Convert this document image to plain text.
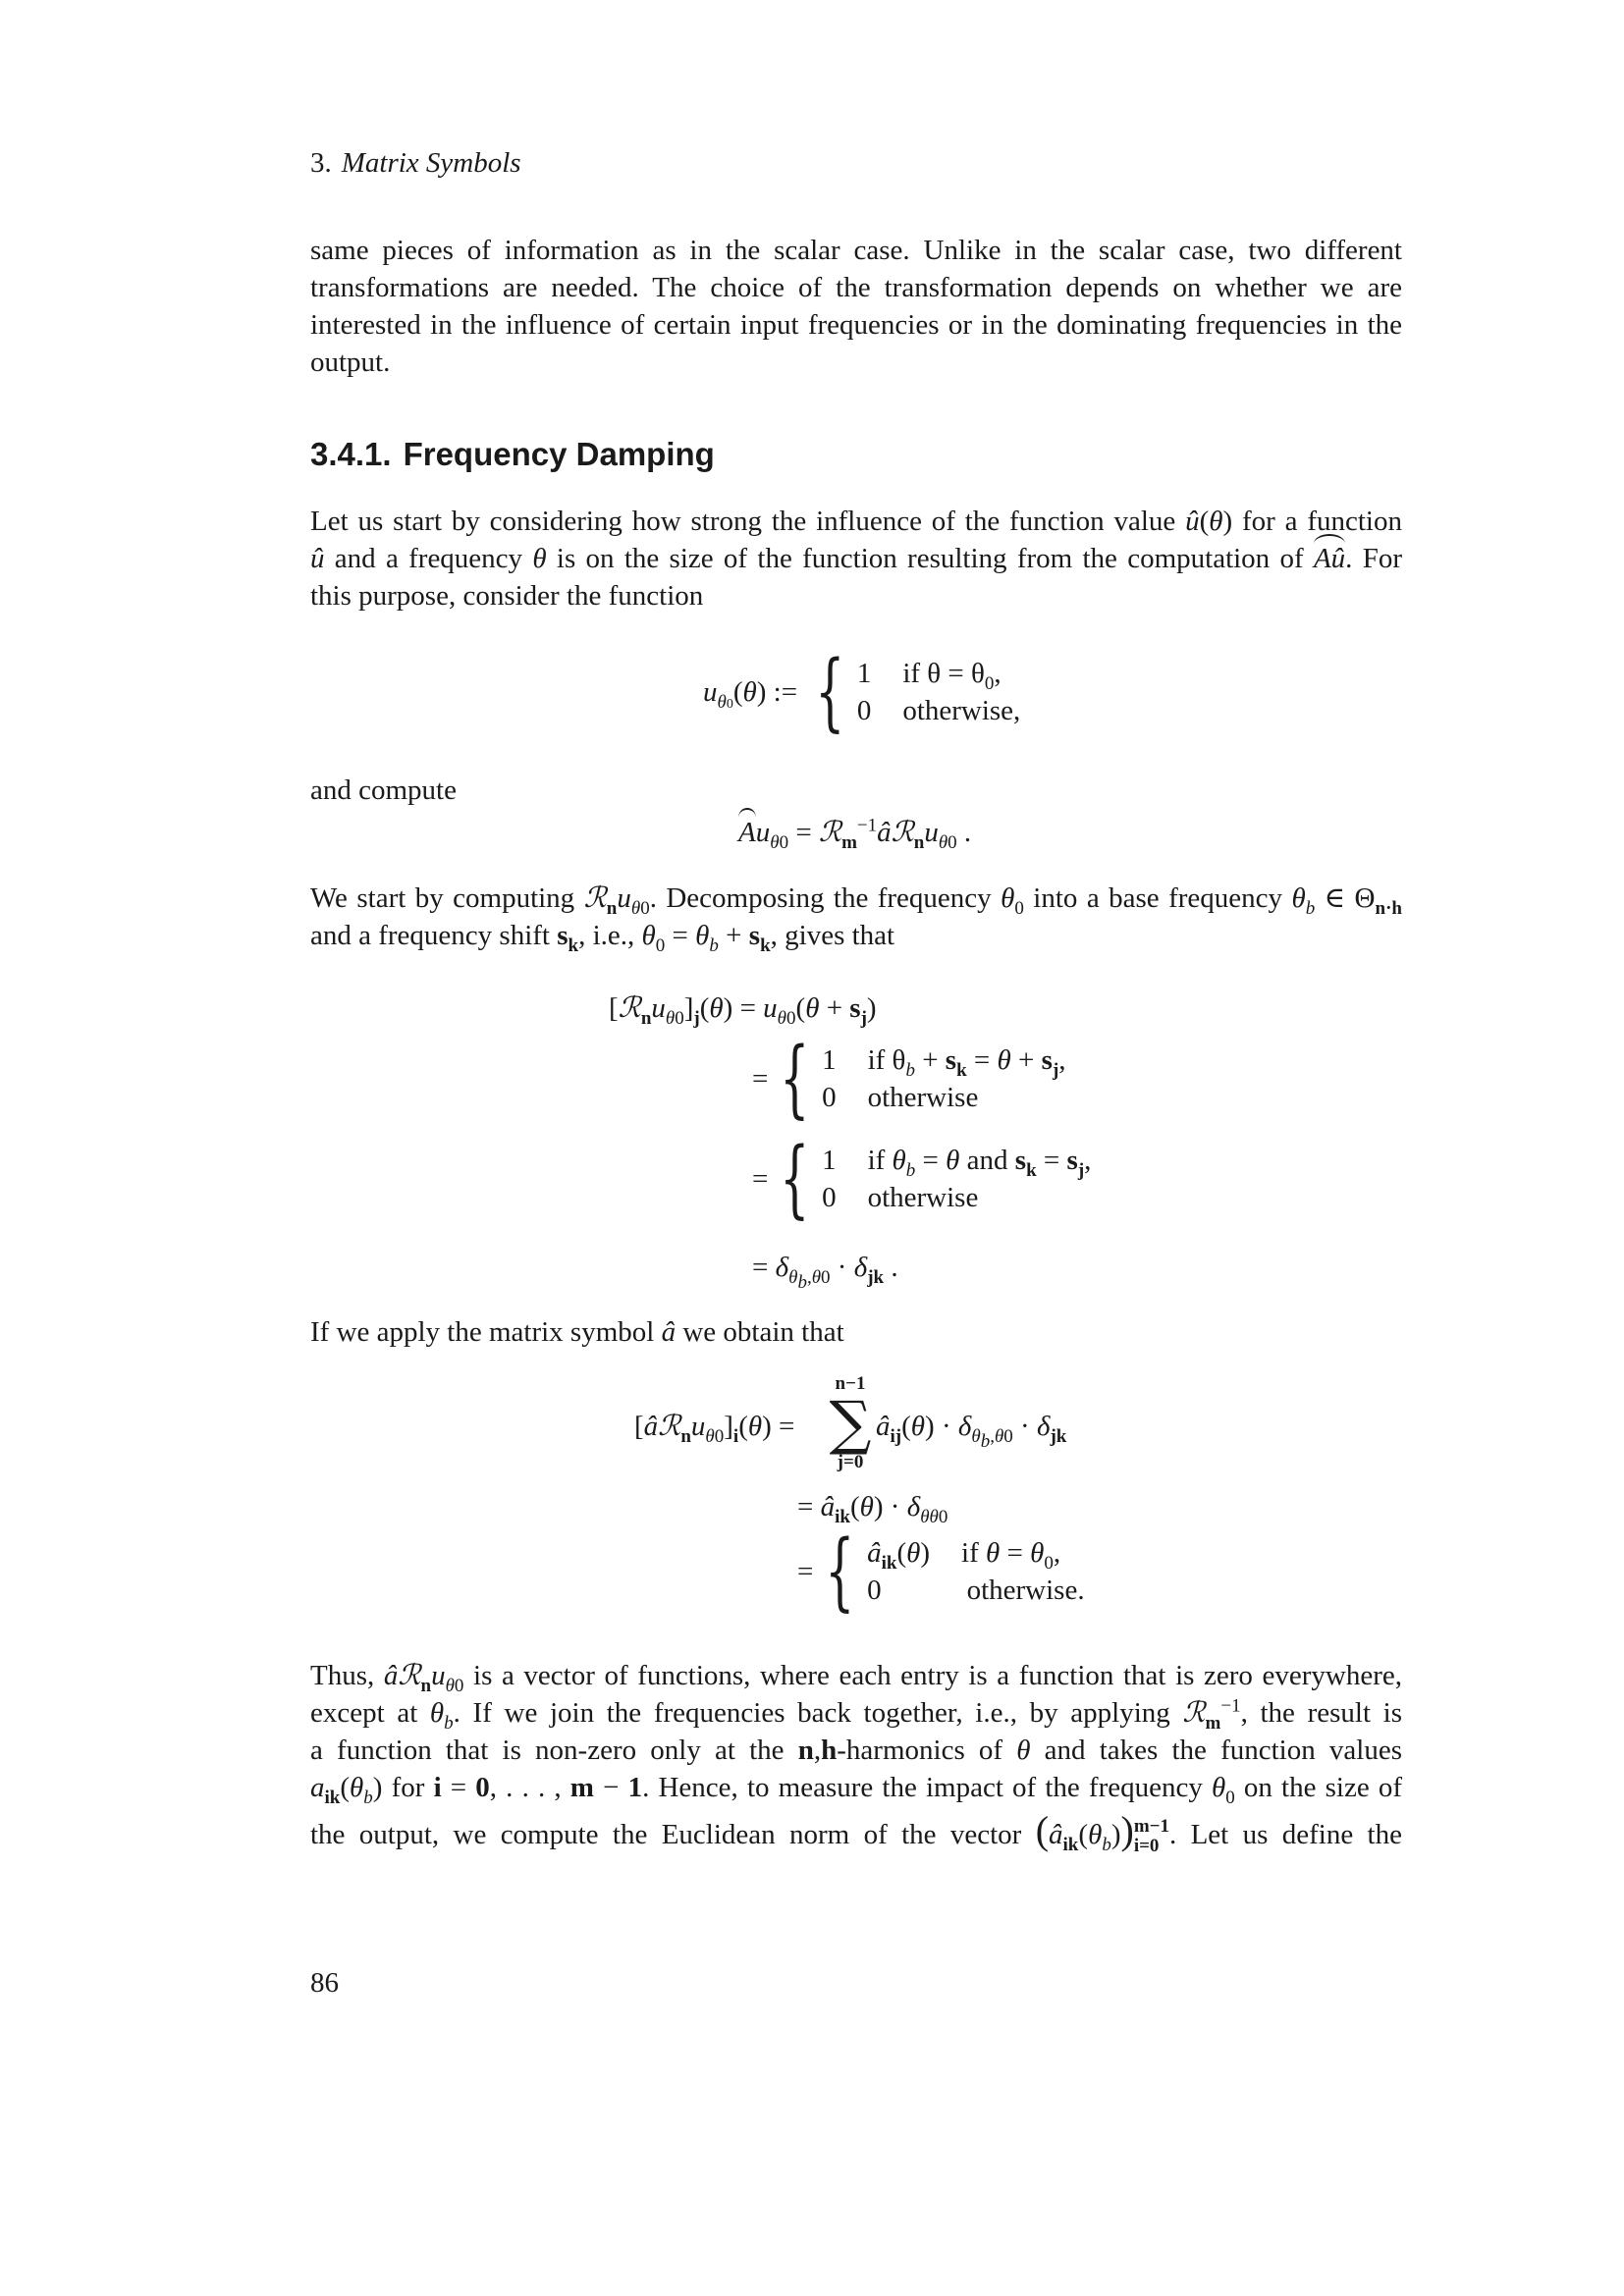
3. Matrix Symbols

same pieces of information as in the scalar case. Unlike in the scalar case, two different transformations are needed. The choice of the transformation depends on whether we are interested in the influence of certain input frequencies or in the dominating frequencies in the output.

3.4.1. Frequency Damping
Let us start by considering how strong the influence of the function value û(θ) for a function
û and a frequency θ is on the size of the function resulting from the computation of Aû. For
this purpose, consider the function
$u_{\theta 0}(\theta)$ := { 1 if $\theta = \theta_0$,
0 otherwise,
and compute
$Au_{\theta 0}$ = $ℛ_m^{-1}âℛ_nu_{\theta 0}$ .
We start by computing $ℛ_nu_{\theta 0}$. Decomposing the frequency $\theta_0$ into a base frequency $\theta_b$ ∈ $\Theta_{n\cdot h}$
and a frequency shift $s_k$, i.e., $\theta_0 = \theta_b + s_k$, gives that
$[ℛ_nu_{\theta 0}]_j(\theta) = u_{\theta 0}(\theta + s_j)$
= { 1 if $\theta_b + s_k = \theta + s_j$,
0 otherwise
= { 1 if $\theta_b = \theta$ and $s_k = s_j$,
0 otherwise
= $\delta_{\theta_b,\theta 0} \cdot \delta_{jk}$ .
If we apply the matrix symbol â we obtain that
$[âℛ_nu_{\theta 0}]_i(\theta)$ =
n−1
∑
j=0
$â_{ij}(\theta) \cdot \delta_{\theta_b,\theta 0} \cdot \delta_{jk}$
= $â_{ik}(\theta) \cdot \delta_{\theta\theta 0}$
= { $â_{ik}(\theta)$ if $\theta = \theta_0$,
0	otherwise.
Thus, $âℛ_nu_{\theta 0}$ is a vector of functions, where each entry is a function that is zero everywhere,
except at $\theta_b$. If we join the frequencies back together, i.e., by applying ℛ$_m^{-1}$, the result is
a function that is non-zero only at the n,h-harmonics of θ and takes the function values
$a_{ik}(\theta_b)$ for i = 0, . . . , m − 1. Hence, to measure the impact of the frequency $\theta_0$ on the size of
the output, we compute the Euclidean norm of the vector $(â_{ik}(\theta_b))$ m−1
i=0 . Let us define the
86
